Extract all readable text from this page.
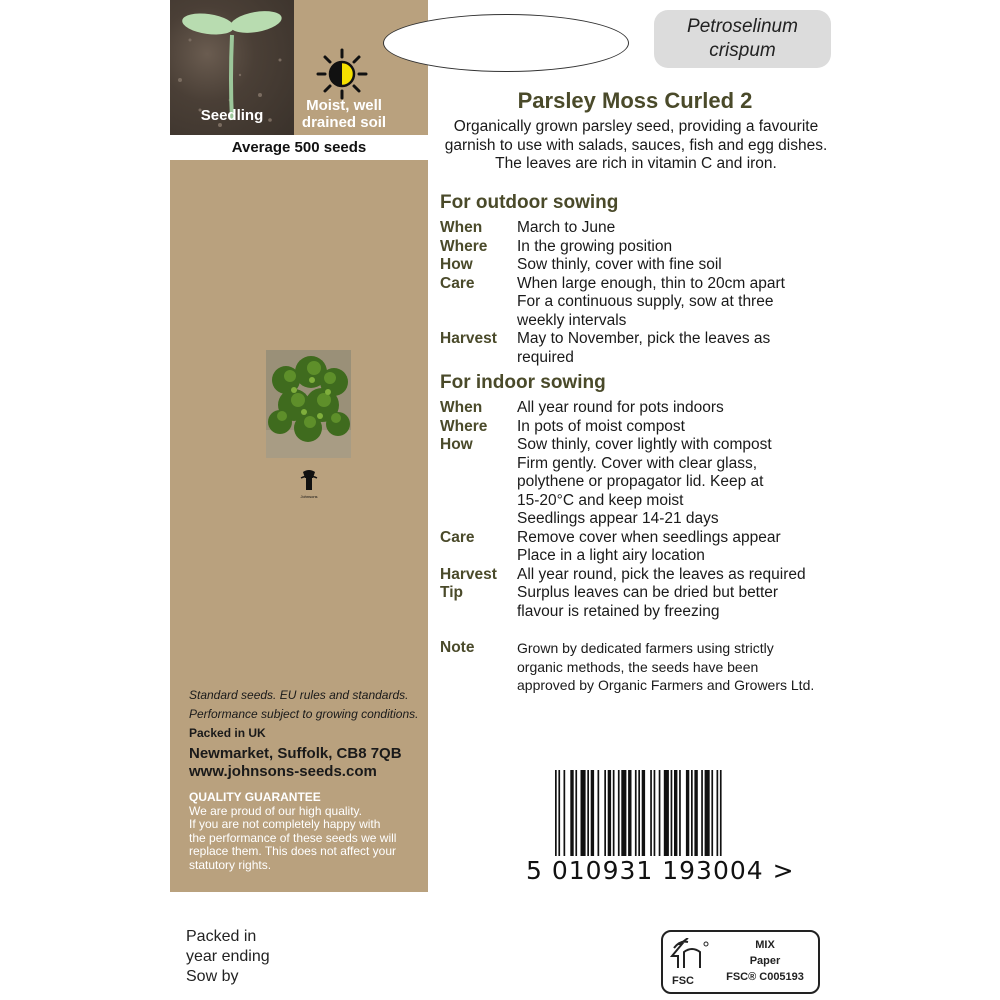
Seedling
Moist, well drained soil
Average 500 seeds
Johnsons
Standard seeds. EU rules and standards.
Performance subject to growing conditions.
Packed in UK
Newmarket, Suffolk, CB8 7QB
www.johnsons-seeds.com
QUALITY GUARANTEE
We are proud of our high quality.
If you are not completely happy with
the performance of these seeds we will
replace them. This does not affect your
statutory rights.
Packed in
year ending
Sow by
Petroselinum
crispum
Parsley Moss Curled 2
Organically grown parsley seed, providing a favourite garnish to use with salads, sauces, fish and egg dishes. The leaves are rich in vitamin C and iron.
For outdoor sowing
When	March to June
Where	In the growing position
How	Sow thinly, cover with fine soil
Care	When large enough, thin to 20cm apart
For a continuous supply, sow at three
weekly intervals
Harvest	May to November, pick the leaves as
required
For indoor sowing
When	All year round for pots indoors
Where	In pots of moist compost
How	Sow thinly, cover lightly with compost
Firm gently. Cover with clear glass,
polythene or propagator lid. Keep at
15-20°C and keep moist
Seedlings appear 14-21 days
Care	Remove cover when seedlings appear
Place in a light airy location
Harvest	All year round, pick the leaves as required
Tip	Surplus leaves can be dried but better
flavour is retained by freezing
Note	Grown by dedicated farmers using strictly
organic methods, the seeds have been
approved by Organic Farmers and Growers Ltd.
5 010931 193004 >
FSC
MIX
Paper
FSC® C005193
